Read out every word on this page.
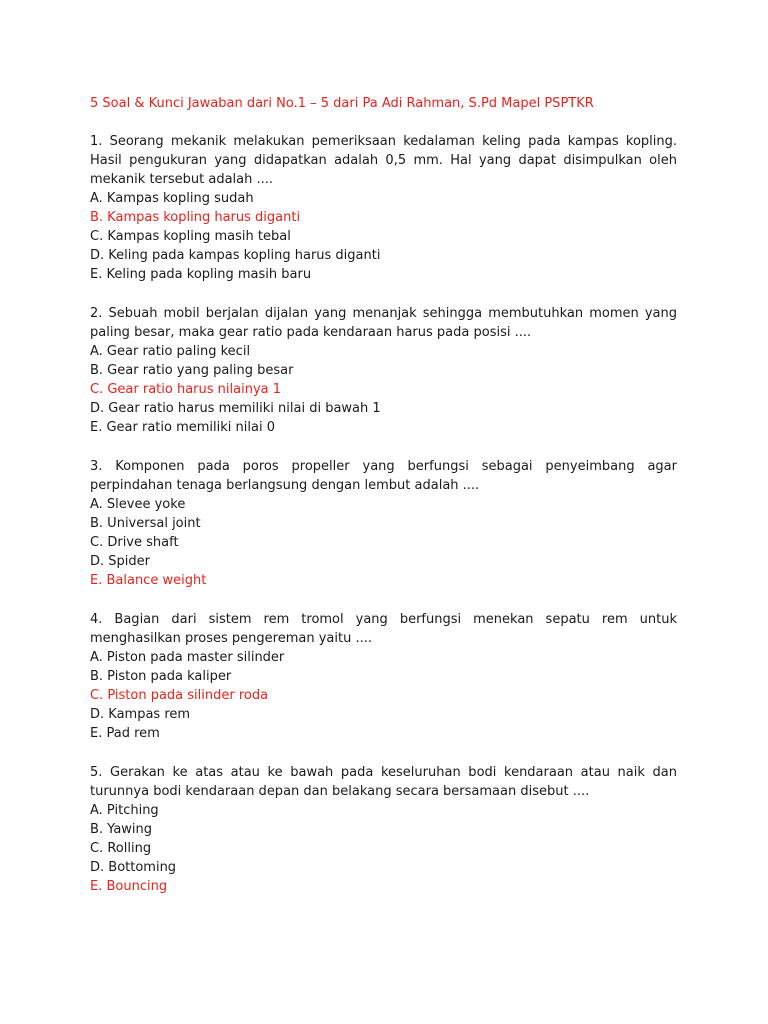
5 Soal & Kunci Jawaban dari No.1 – 5 dari Pa Adi Rahman, S.Pd Mapel PSPTKR

1. Seorang mekanik melakukan pemeriksaan kedalaman keling pada kampas kopling. Hasil pengukuran yang didapatkan adalah 0,5 mm. Hal yang dapat disimpulkan oleh mekanik tersebut adalah ....

A. Kampas kopling sudah
B. Kampas kopling harus diganti
C. Kampas kopling masih tebal
D. Keling pada kampas kopling harus diganti
E. Keling pada kopling masih baru

2. Sebuah mobil berjalan dijalan yang menanjak sehingga membutuhkan momen yang paling besar, maka gear ratio pada kendaraan harus pada posisi ....

A. Gear ratio paling kecil
B. Gear ratio yang paling besar
C. Gear ratio harus nilainya 1
D. Gear ratio harus memiliki nilai di bawah 1
E. Gear ratio memiliki nilai 0

3. Komponen pada poros propeller yang berfungsi sebagai penyeimbang agar perpindahan tenaga berlangsung dengan lembut adalah ....

A. Slevee yoke
B. Universal joint
C. Drive shaft
D. Spider
E. Balance weight

4. Bagian dari sistem rem tromol yang berfungsi menekan sepatu rem untuk menghasilkan proses pengereman yaitu ....

A. Piston pada master silinder
B. Piston pada kaliper
C. Piston pada silinder roda
D. Kampas rem
E. Pad rem

5. Gerakan ke atas atau ke bawah pada keseluruhan bodi kendaraan atau naik dan turunnya bodi kendaraan depan dan belakang secara bersamaan disebut ....

A. Pitching
B. Yawing
C. Rolling
D. Bottoming
E. Bouncing
